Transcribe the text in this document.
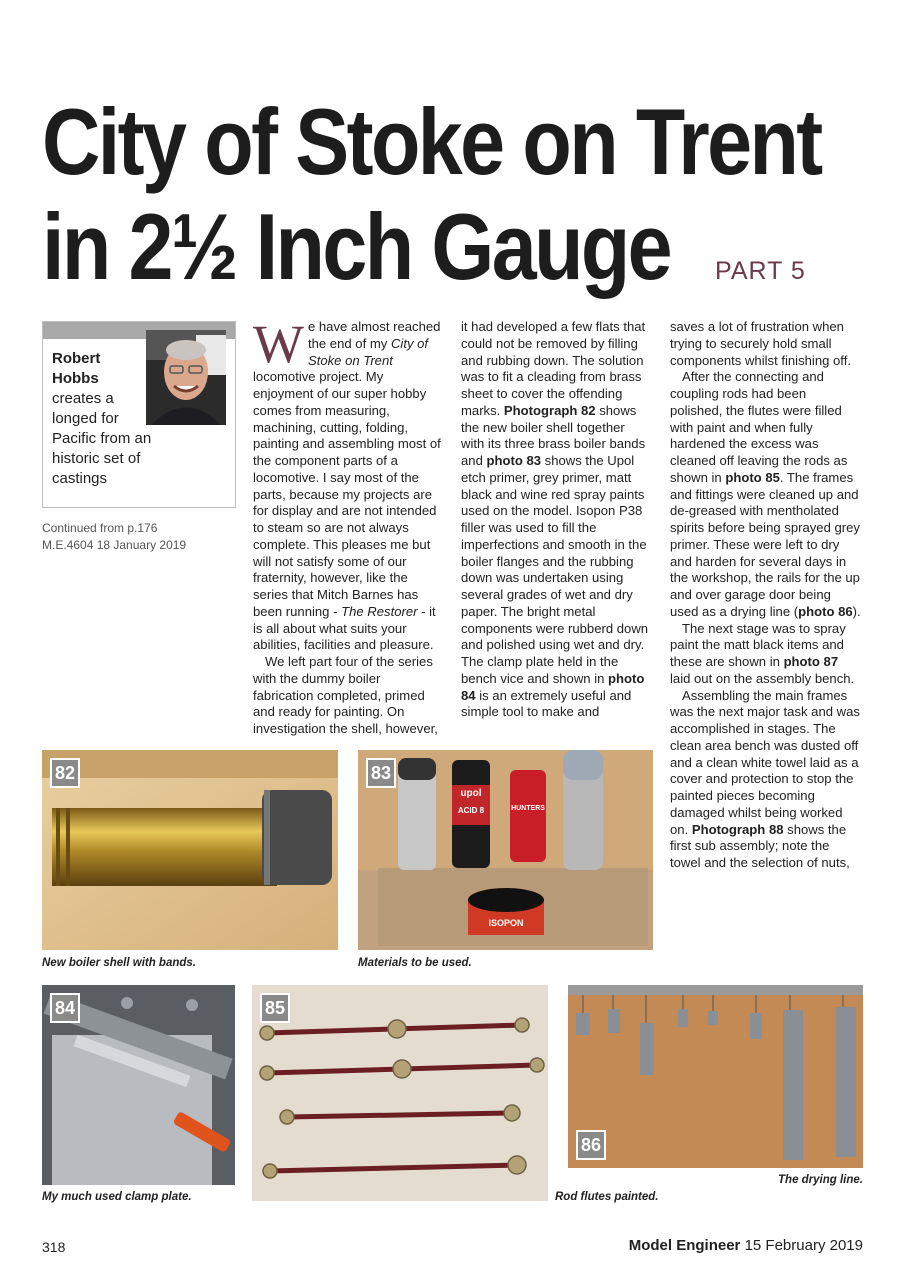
City of Stoke on Trent
in 2½ Inch Gauge PART 5
Robert
Hobbs
creates a longed for Pacific from an historic set of castings
Continued from p.176
M.E.4604 18 January 2019

We have almost reached the end of my City of Stoke on Trent locomotive project. My enjoyment of our super hobby comes from measuring, machining, cutting, folding, painting and assembling most of the component parts of a locomotive. I say most of the parts, because my projects are for display and are not intended to steam so are not always complete. This pleases me but will not satisfy some of our fraternity, however, like the series that Mitch Barnes has been running - The Restorer - it is all about what suits your abilities, facilities and pleasure.

We left part four of the series with the dummy boiler fabrication completed, primed and ready for painting. On investigation the shell, however,

it had developed a few flats that could not be removed by filling and rubbing down. The solution was to fit a cleading from brass sheet to cover the offending marks. Photograph 82 shows the new boiler shell together with its three brass boiler bands and photo 83 shows the Upol etch primer, grey primer, matt black and wine red spray paints used on the model. Isopon P38 filler was used to fill the imperfections and smooth in the boiler flanges and the rubbing down was undertaken using several grades of wet and dry paper. The bright metal components were rubberd down and polished using wet and dry. The clamp plate held in the bench vice and shown in photo 84 is an extremely useful and simple tool to make and

saves a lot of frustration when trying to securely hold small components whilst finishing off.

After the connecting and coupling rods had been polished, the flutes were filled with paint and when fully hardened the excess was cleaned off leaving the rods as shown in photo 85. The frames and fittings were cleaned up and de-greased with mentholated spirits before being sprayed grey primer. These were left to dry and harden for several days in the workshop, the rails for the up and over garage door being used as a drying line (photo 86).

The next stage was to spray paint the matt black items and these are shown in photo 87 laid out on the assembly bench.

Assembling the main frames was the next major task and was accomplished in stages. The clean area bench was dusted off and a clean white towel laid as a cover and protection to stop the painted pieces becoming damaged whilst being worked on. Photograph 88 shows the first sub assembly; note the towel and the selection of nuts,

82
New boiler shell with bands.
83
upol
ACID 8	HUNTERS
ISOPON
Materials to be used.
84
My much used clamp plate.
85
Rod flutes painted.
86
The drying line.
318	Model Engineer 15 February 2019
